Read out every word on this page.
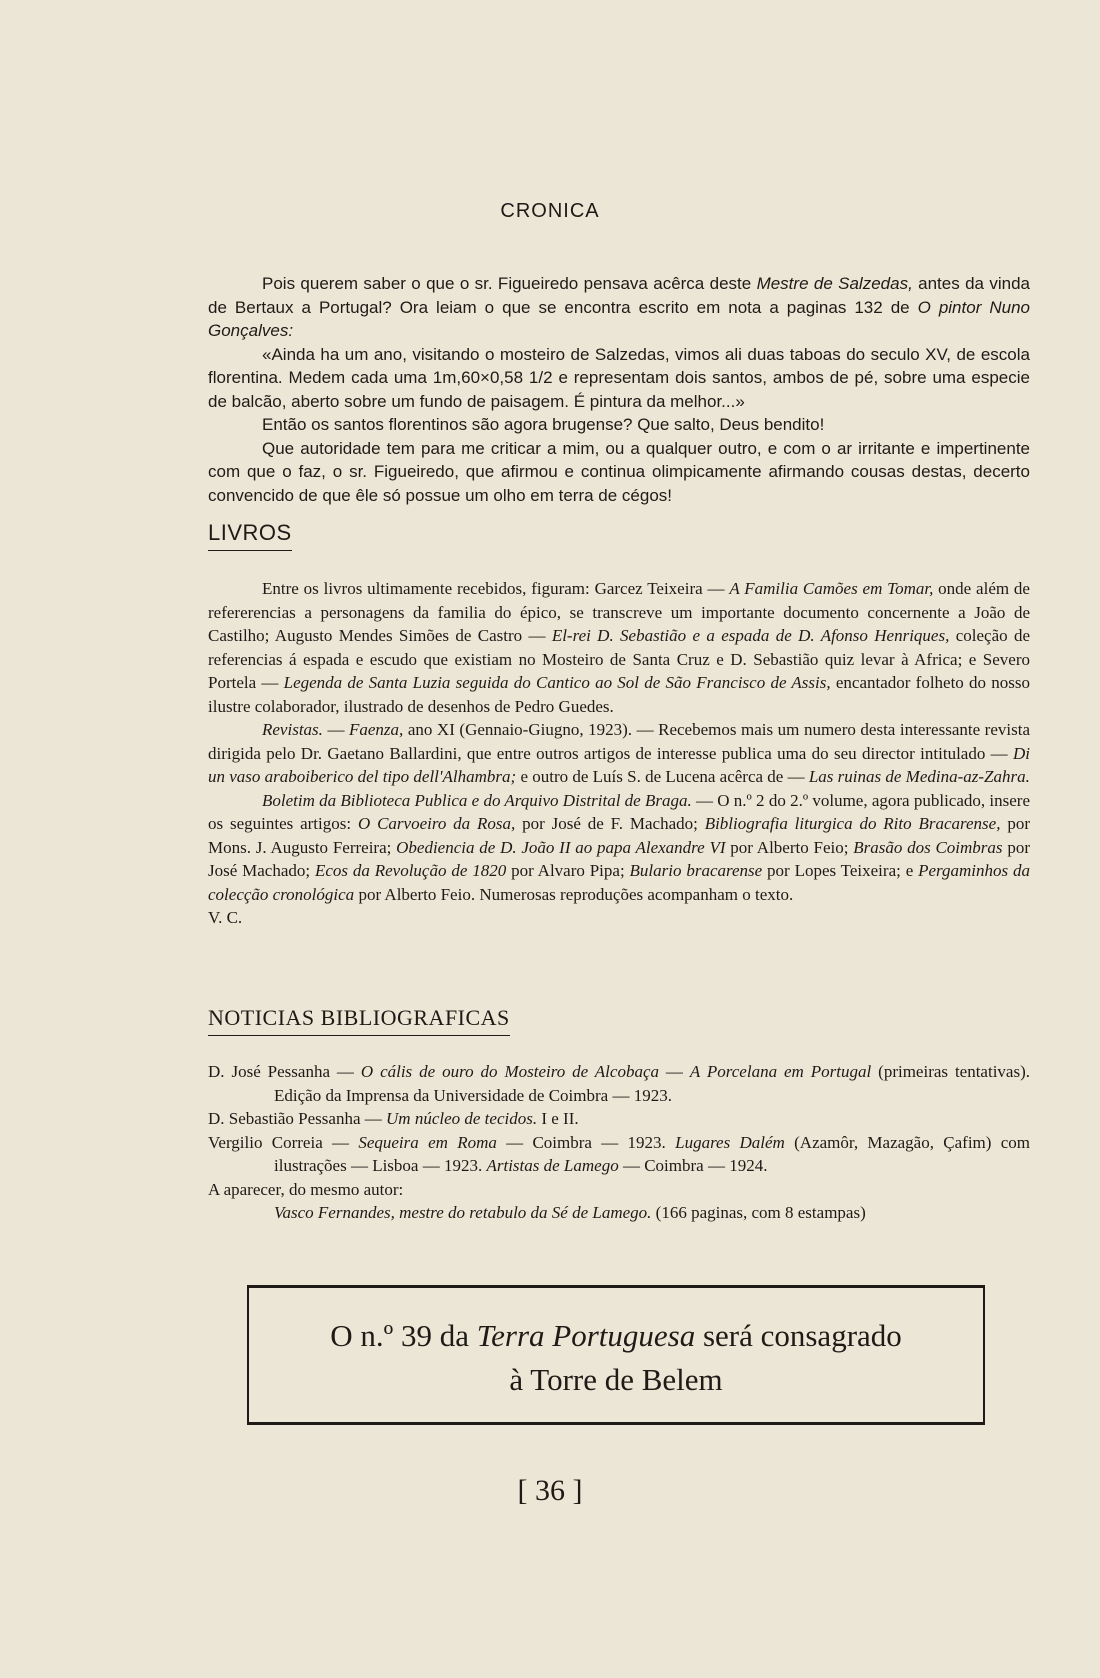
CRONICA

Pois querem saber o que o sr. Figueiredo pensava acêrca deste Mestre de Salzedas, antes da vinda de Bertaux a Portugal? Ora leiam o que se encontra escrito em nota a paginas 132 de O pintor Nuno Gonçalves:

«Ainda ha um ano, visitando o mosteiro de Salzedas, vimos ali duas taboas do seculo XV, de escola florentina. Medem cada uma 1m,60×0,58 1/2 e representam dois santos, ambos de pé, sobre uma especie de balcão, aberto sobre um fundo de paisagem. É pintura da melhor...»

Então os santos florentinos são agora brugense? Que salto, Deus bendito!

Que autoridade tem para me criticar a mim, ou a qualquer outro, e com o ar irritante e impertinente com que o faz, o sr. Figueiredo, que afirmou e continua olimpicamente afirmando cousas destas, decerto convencido de que êle só possue um olho em terra de cégos!

LIVROS

Entre os livros ultimamente recebidos, figuram: Garcez Teixeira — A Familia Camões em Tomar, onde além de refererencias a personagens da familia do épico, se transcreve um importante documento concernente a João de Castilho; Augusto Mendes Simões de Castro — El-rei D. Sebastião e a espada de D. Afonso Henriques, coleção de referencias á espada e escudo que existiam no Mosteiro de Santa Cruz e D. Sebastião quiz levar à Africa; e Severo Portela — Legenda de Santa Luzia seguida do Cantico ao Sol de São Francisco de Assis, encantador folheto do nosso ilustre colaborador, ilustrado de desenhos de Pedro Guedes.

Revistas. — Faenza, ano XI (Gennaio-Giugno, 1923). — Recebemos mais um numero desta interessante revista dirigida pelo Dr. Gaetano Ballardini, que entre outros artigos de interesse publica uma do seu director intitulado — Di un vaso araboiberico del tipo dell'Alhambra; e outro de Luís S. de Lucena acêrca de — Las ruinas de Medina-az-Zahra.

Boletim da Biblioteca Publica e do Arquivo Distrital de Braga. — O n.º 2 do 2.º volume, agora publicado, insere os seguintes artigos: O Carvoeiro da Rosa, por José de F. Machado; Bibliografia liturgica do Rito Bracarense, por Mons. J. Augusto Ferreira; Obediencia de D. João II ao papa Alexandre VI por Alberto Feio; Brasão dos Coimbras por José Machado; Ecos da Revolução de 1820 por Alvaro Pipa; Bulario bracarense por Lopes Teixeira; e Pergaminhos da colecção cronológica por Alberto Feio. Numerosas reproduções acompanham o texto.

V. C.

NOTICIAS BIBLIOGRAFICAS

D. José Pessanha — O cális de ouro do Mosteiro de Alcobaça — A Porcelana em Portugal (primeiras tentativas). Edição da Imprensa da Universidade de Coimbra — 1923.

D. Sebastião Pessanha — Um núcleo de tecidos. I e II.

Vergilio Correia — Sequeira em Roma — Coimbra — 1923. Lugares Dalém (Azamôr, Mazagão, Çafim) com ilustrações — Lisboa — 1923. Artistas de Lamego — Coimbra — 1924.

A aparecer, do mesmo autor:

Vasco Fernandes, mestre do retabulo da Sé de Lamego. (166 paginas, com 8 estampas)

O n.º 39 da Terra Portuguesa será consagrado
à Torre de Belem
[ 36 ]
